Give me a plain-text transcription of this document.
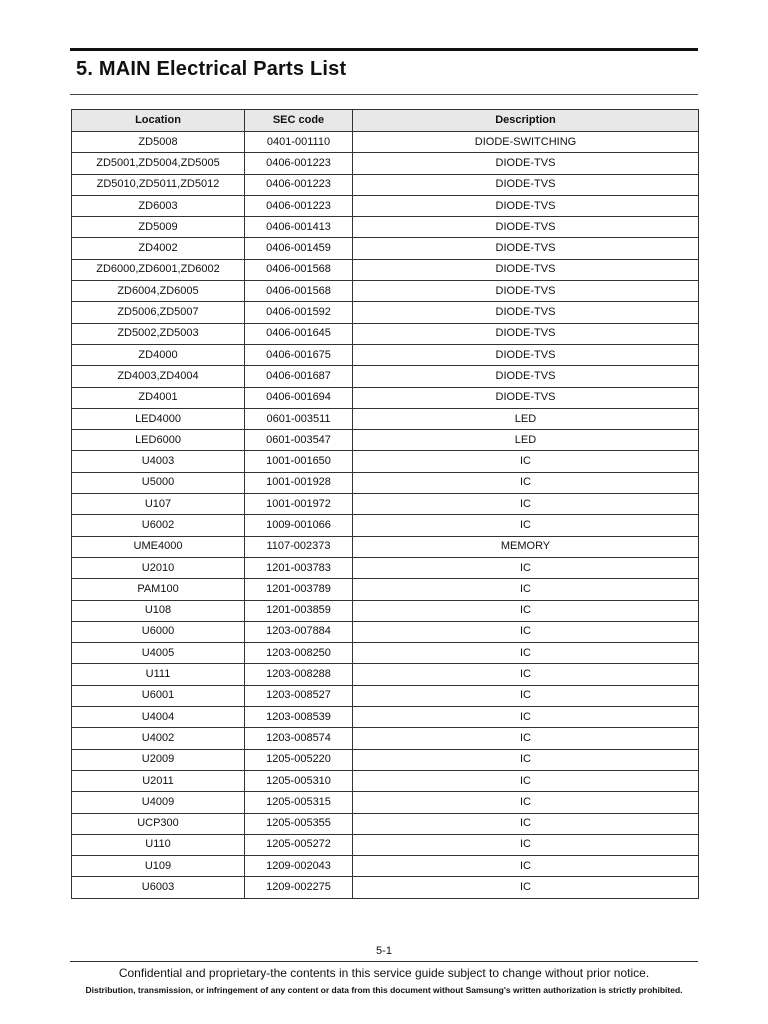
5. MAIN Electrical Parts List
Location	SEC code	Description
ZD5008	0401-001110	DIODE-SWITCHING
ZD5001,ZD5004,ZD5005	0406-001223	DIODE-TVS
ZD5010,ZD5011,ZD5012	0406-001223	DIODE-TVS
ZD6003	0406-001223	DIODE-TVS
ZD5009	0406-001413	DIODE-TVS
ZD4002	0406-001459	DIODE-TVS
ZD6000,ZD6001,ZD6002	0406-001568	DIODE-TVS
ZD6004,ZD6005	0406-001568	DIODE-TVS
ZD5006,ZD5007	0406-001592	DIODE-TVS
ZD5002,ZD5003	0406-001645	DIODE-TVS
ZD4000	0406-001675	DIODE-TVS
ZD4003,ZD4004	0406-001687	DIODE-TVS
ZD4001	0406-001694	DIODE-TVS
LED4000	0601-003511	LED
LED6000	0601-003547	LED
U4003	1001-001650	IC
U5000	1001-001928	IC
U107	1001-001972	IC
U6002	1009-001066	IC
UME4000	1107-002373	MEMORY
U2010	1201-003783	IC
PAM100	1201-003789	IC
U108	1201-003859	IC
U6000	1203-007884	IC
U4005	1203-008250	IC
U111	1203-008288	IC
U6001	1203-008527	IC
U4004	1203-008539	IC
U4002	1203-008574	IC
U2009	1205-005220	IC
U2011	1205-005310	IC
U4009	1205-005315	IC
UCP300	1205-005355	IC
U110	1205-005272	IC
U109	1209-002043	IC
U6003	1209-002275	IC
5-1
Confidential and proprietary-the contents in this service guide subject to change without prior notice.
Distribution, transmission, or infringement of any content or data from this document without Samsung's written authorization is strictly prohibited.
